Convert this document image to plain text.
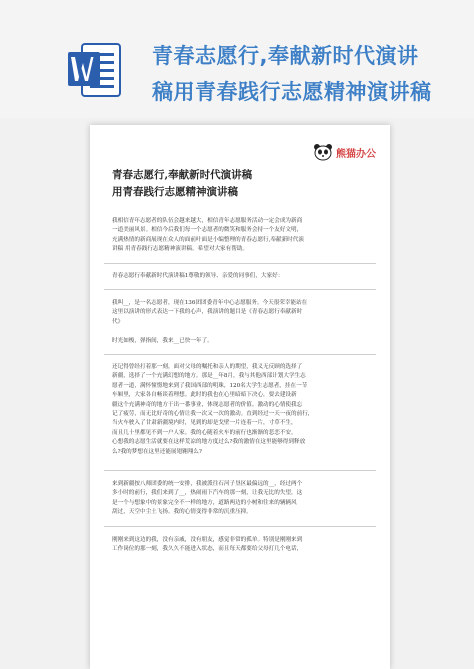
青春志愿行,奉献新时代演讲
稿用青春践行志愿精神演讲稿
熊猫办公
青春志愿行,奉献新时代演讲稿
用青春践行志愿精神演讲稿
我相信青年志愿者的队伍会越来越大，相信青年志愿服务活动一定会成为新商
一道美丽风景。相信今后我们每一个志愿者的微笑和服务会持一个友好文明，
充满热情的新商展现在众人的面前叶面是小编整理的青春志愿行,奉献新时代演
讲稿 用青春践行志愿精神演讲稿。希望对大家有帮助。
青春志愿行奉献新时代演讲稿1尊敬的领导、亲爱的同事们，大家好：
我叫__，是一名志愿者，现在136团团委青年中心志愿服务。今天很荣幸能站在
这里以演讲的形式表达一下我的心声，我演讲的题目是《青春志愿行奉献新时
代》

时光如梭，弹指间，我来__已快一年了。
还记得曾经打着那一刻，面对父母的嘱托和亲人的期望，我义无反顾的选择了
新疆，选择了一个充满幻想的地方。那是__年8月，我与其他西部计划大学生志
愿者一道，满怀憧憬地来到了我国西部的明珠，120名大学生志愿者，挂在一节
车厢里，大家各自畅谈着理想。此时的我也在心里暗暗下决心，要去建设新
疆这个充满神奇的地方干出一番事业，体现志愿者的价值。激动的心情使我忘
记了疲劳，而无比好奇的心情让我一次又一次的激动。直到经过一天一夜的前行，
当火车驶入了甘肃新疆境内时，见到的却是戈壁一片连着一片，寸草不生，
而且几十里都见不到一户人家。我的心随着火车的前行也渐渐的悲恋不安。
心想我的志愿生活就要在这样荒凉的地方度过么?我的激情在这里能够得到释放
么?我的梦想在这里还能展翅翱翔么?
来到新疆按八师团委的统一安排，我被派往石河子垦区最偏远的__，经过两个
多小时的前行，我们来到了__，热闹雨下汽车的那一刻，让我无比的失望，这
是一个与想象中的景象完全不一样的地方，道路两边的小树和往来的辆辆风
刮过，天空中尘土飞扬。我的心情变得非常的沉重压抑。
刚刚来到这边的我，没有亲戚，没有朋友，感觉非常的孤单。特别是刚刚来到
工作岗位的那一刻，我久久不能进入状态，而且每天都要给父母打几个电话，
